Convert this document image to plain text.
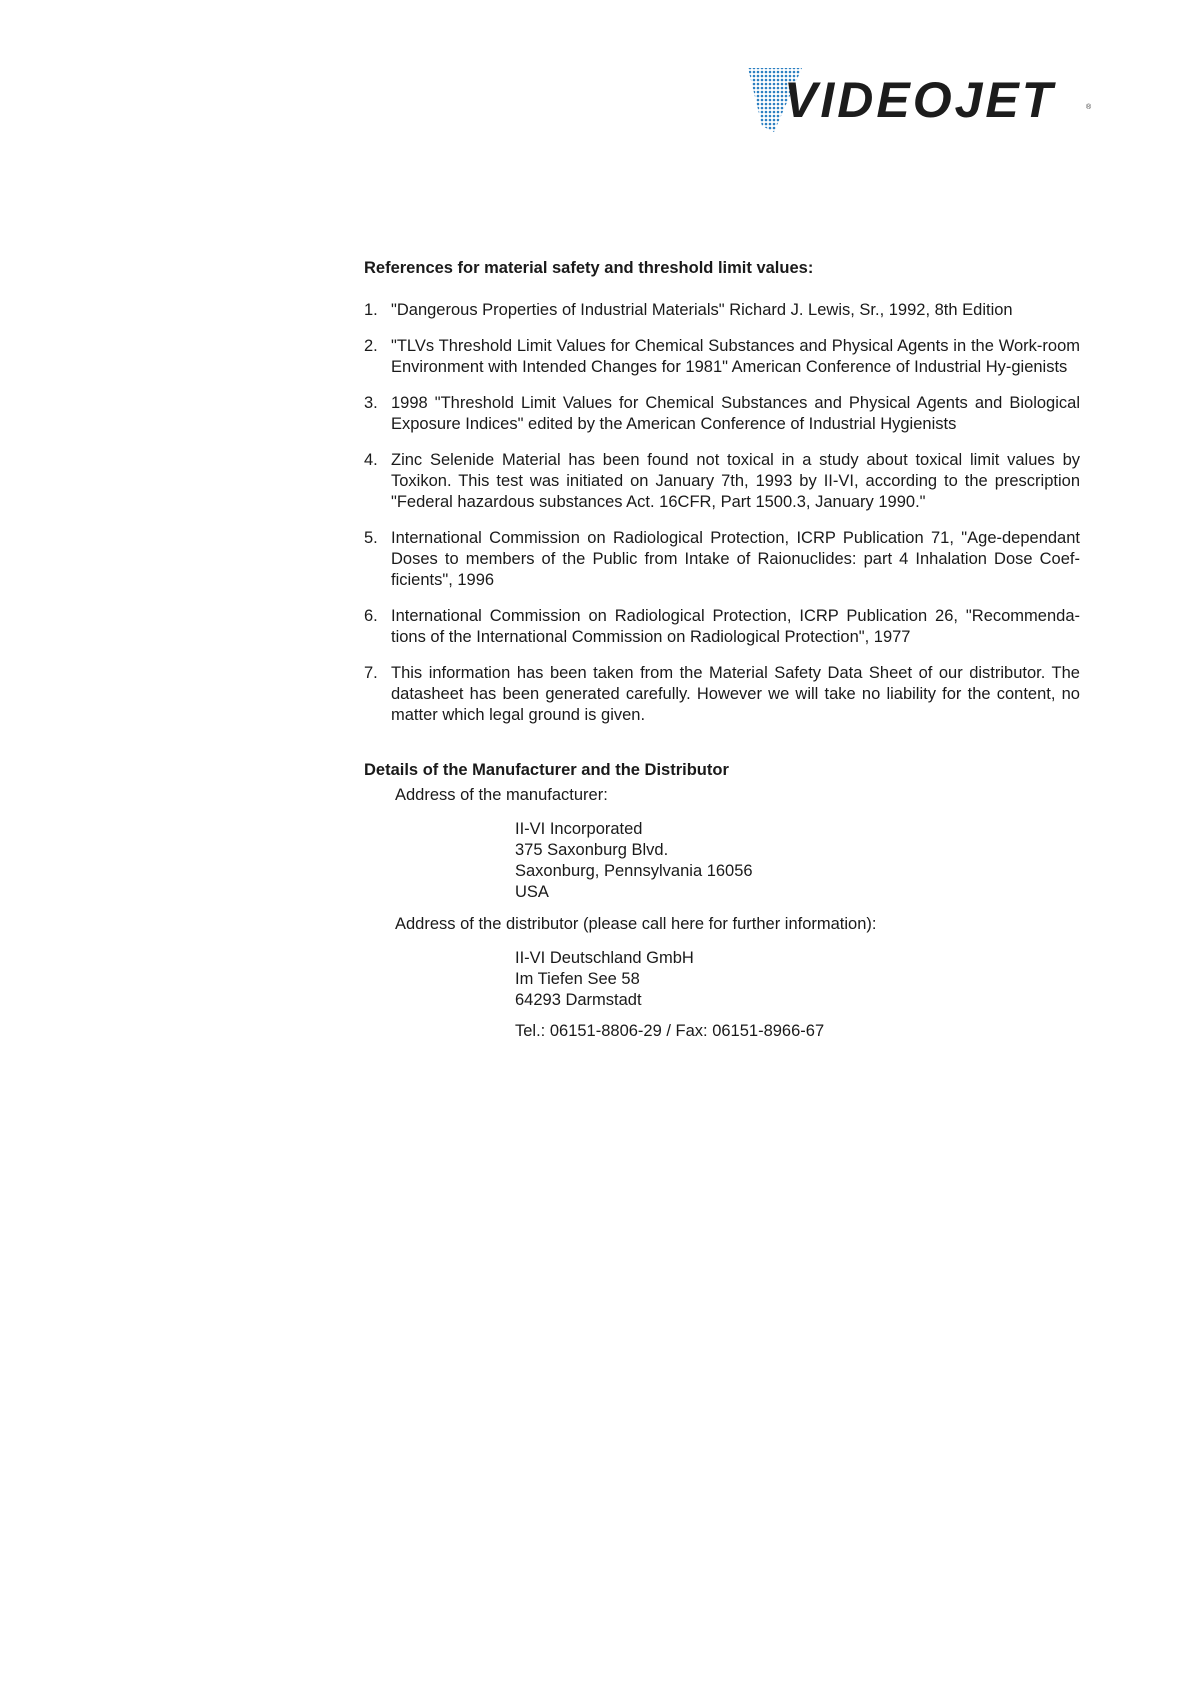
VIDEOJET	®
References for material safety and threshold limit values:
1. "Dangerous Properties of Industrial Materials" Richard J. Lewis, Sr., 1992, 8th Edition
2. "TLVs Threshold Limit Values for Chemical Substances and Physical Agents in the Work-room Environment with Intended Changes for 1981" American Conference of Industrial Hy-gienists
3. 1998 "Threshold Limit Values for Chemical Substances and Physical Agents and Biological Exposure Indices" edited by the American Conference of Industrial Hygienists
4. Zinc Selenide Material has been found not toxical in a study about toxical limit values by Toxikon. This test was initiated on January 7th, 1993 by II-VI, according to the prescription "Federal hazardous substances Act. 16CFR, Part 1500.3, January 1990."
5. International Commission on Radiological Protection, ICRP Publication 71, "Age-dependant Doses to members of the Public from Intake of Raionuclides: part 4 Inhalation Dose Coef-ficients", 1996
6. International Commission on Radiological Protection, ICRP Publication 26, "Recommenda-tions of the International Commission on Radiological Protection", 1977
7. This information has been taken from the Material Safety Data Sheet of our distributor. The datasheet has been generated carefully. However we will take no liability for the content, no matter which legal ground is given.
Details of the Manufacturer and the Distributor
Address of the manufacturer:
II-VI Incorporated
375 Saxonburg Blvd.
Saxonburg, Pennsylvania 16056
USA
Address of the distributor (please call here for further information):
II-VI Deutschland GmbH
Im Tiefen See 58
64293 Darmstadt
Tel.: 06151-8806-29 / Fax: 06151-8966-67
